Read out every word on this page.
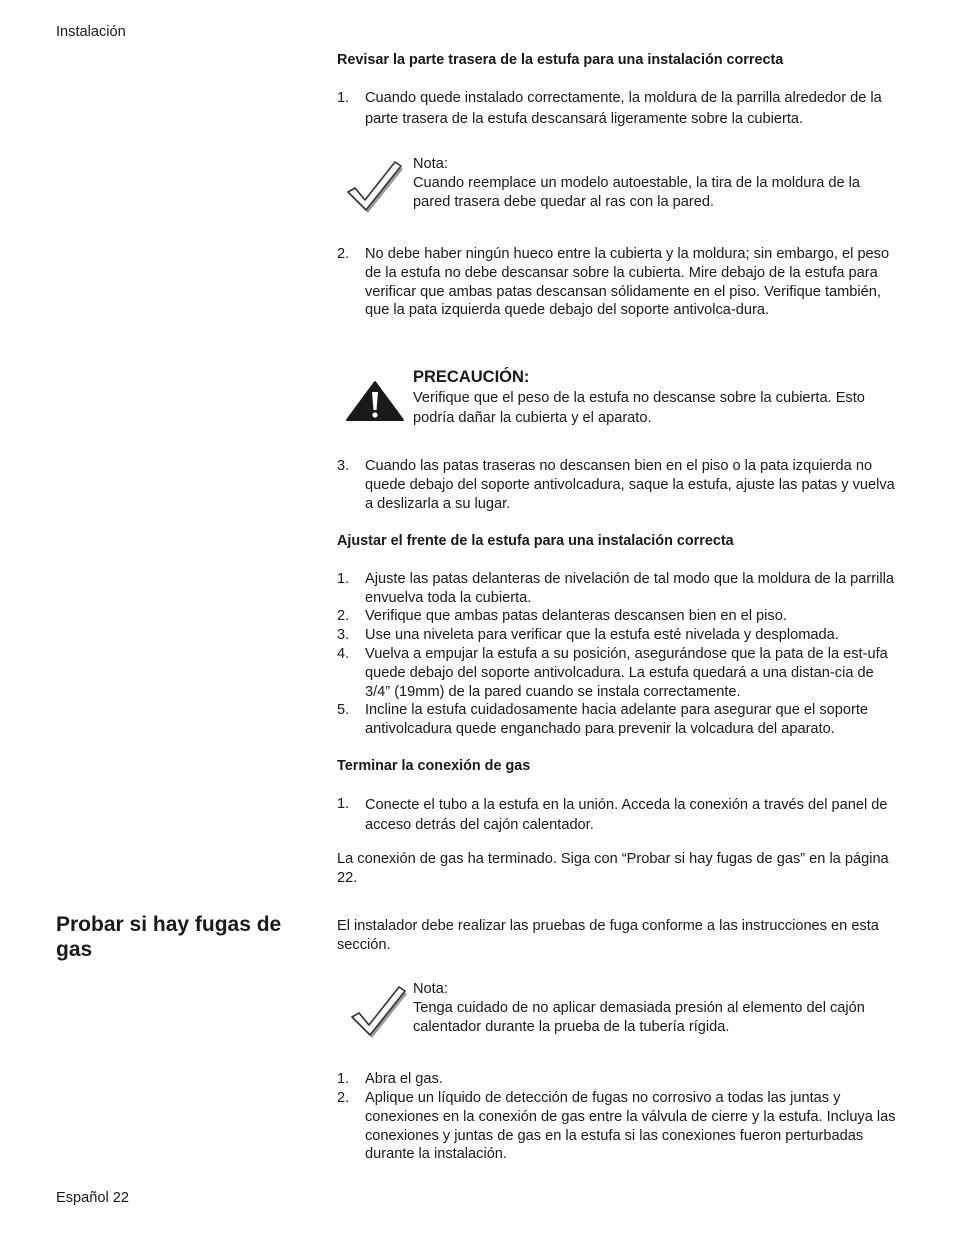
Instalación
Español 22
Revisar la parte trasera de la estufa para una instalación correcta
1. Cuando quede instalado correctamente, la moldura de la parrilla alrededor de la parte trasera de la estufa descansará ligeramente sobre la cubierta.
Nota:
Cuando reemplace un modelo autoestable, la tira de la moldura de la pared trasera debe quedar al ras con la pared.
2. No debe haber ningún hueco entre la cubierta y la moldura; sin embargo, el peso de la estufa no debe descansar sobre la cubierta. Mire debajo de la estufa para verificar que ambas patas descansan sólidamente en el piso. Verifique también, que la pata izquierda quede debajo del soporte antivolca-dura.
PRECAUCIÓN:
Verifique que el peso de la estufa no descanse sobre la cubierta. Esto podría dañar la cubierta y el aparato.
3. Cuando las patas traseras no descansen bien en el piso o la pata izquierda no quede debajo del soporte antivolcadura, saque la estufa, ajuste las patas y vuelva a deslizarla a su lugar.
Ajustar el frente de la estufa para una instalación correcta
1. Ajuste las patas delanteras de nivelación de tal modo que la moldura de la parrilla envuelva toda la cubierta.
2. Verifique que ambas patas delanteras descansen bien en el piso.
3. Use una niveleta para verificar que la estufa esté nivelada y desplomada.
4. Vuelva a empujar la estufa a su posición, asegurándose que la pata de la est-ufa quede debajo del soporte antivolcadura. La estufa quedará a una distan-cia de 3/4” (19mm) de la pared cuando se instala correctamente.
5. Incline la estufa cuidadosamente hacia adelante para asegurar que el soporte antivolcadura quede enganchado para prevenir la volcadura del aparato.
Terminar la conexión de gas
1. Conecte el tubo a la estufa en la unión. Acceda la conexión a través del panel de acceso detrás del cajón calentador.
La conexión de gas ha terminado. Siga con “Probar si hay fugas de gas” en la página 22.
Probar si hay fugas de gas
El instalador debe realizar las pruebas de fuga conforme a las instrucciones en esta sección.
Nota:
Tenga cuidado de no aplicar demasiada presión al elemento del cajón calentador durante la prueba de la tubería rígida.
1. Abra el gas.
2. Aplique un líquido de detección de fugas no corrosivo a todas las juntas y conexiones en la conexión de gas entre la válvula de cierre y la estufa. Incluya las conexiones y juntas de gas en la estufa si las conexiones fueron perturbadas durante la instalación.
